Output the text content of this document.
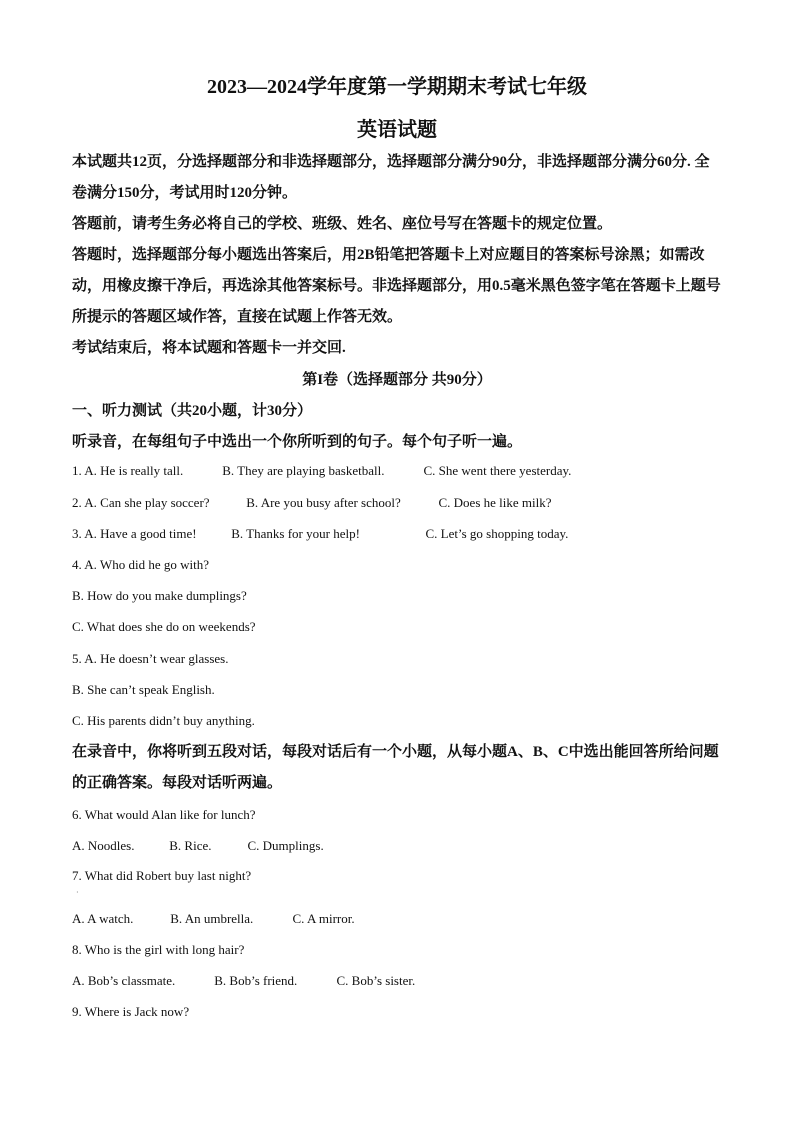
2023—2024学年度第一学期期末考试七年级
英语试题

本试题共12页，分选择题部分和非选择题部分，选择题部分满分90分，非选择题部分满分60分. 全卷满分150分，考试用时120分钟。

答题前，请考生务必将自己的学校、班级、姓名、座位号写在答题卡的规定位置。

答题时，选择题部分每小题选出答案后，用2B铅笔把答题卡上对应题目的答案标号涂黑；如需改动，用橡皮擦干净后，再选涂其他答案标号。非选择题部分，用0.5毫米黑色签字笔在答题卡上题号所提示的答题区域作答，直接在试题上作答无效。

考试结束后，将本试题和答题卡一并交回.

第I卷（选择题部分 共90分）
一、听力测试（共20小题，计30分）
听录音，在每组句子中选出一个你所听到的句子。每个句子听一遍。
1. A. He is really tall.	B. They are playing basketball.	C. She went there yesterday.
2. A. Can she play soccer?	B. Are you busy after school?	C. Does he like milk?
3. A. Have a good time!	B. Thanks for your help!	C. Let’s go shopping today.
4. A. Who did he go with?
B. How do you make dumplings?
C. What does she do on weekends?
5. A. He doesn’t wear glasses.
B. She can’t speak English.
C. His parents didn’t buy anything.
在录音中，你将听到五段对话，每段对话后有一个小题，从每小题A、B、C中选出能回答所给问题的正确答案。每段对话听两遍。
6. What would Alan like for lunch?
A. Noodles.	B. Rice.	C. Dumplings.
7. What did Robert buy last night?
·
A. A watch.	B. An umbrella.	C. A mirror.
8. Who is the girl with long hair?
A. Bob’s classmate.	B. Bob’s friend.	C. Bob’s sister.
9. Where is Jack now?
